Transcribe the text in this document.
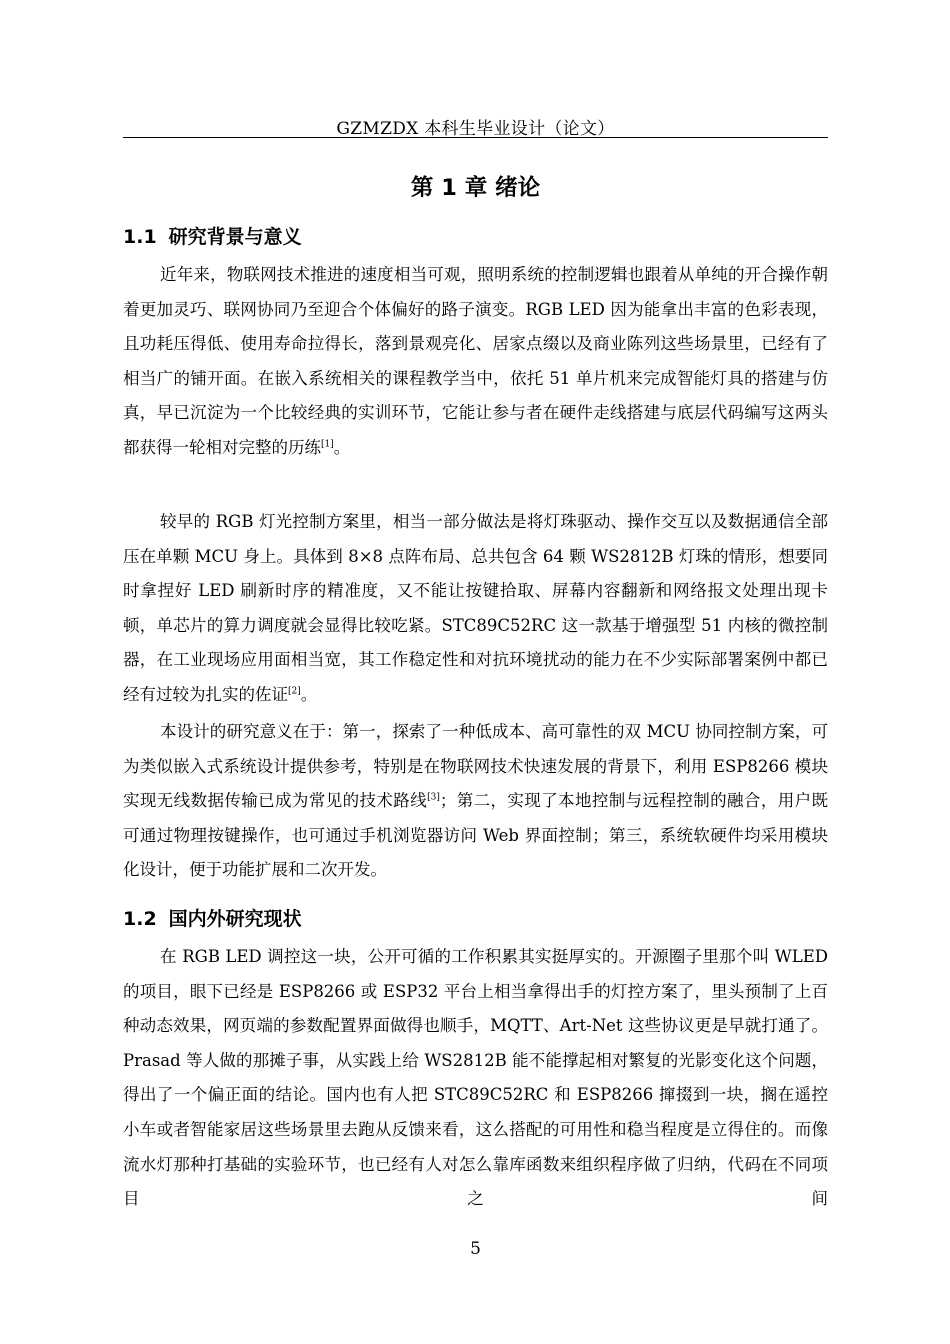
GZMZDX 本科生毕业设计（论文）
第 1 章 绪论
1.1 研究背景与意义

近年来，物联网技术推进的速度相当可观，照明系统的控制逻辑也跟着从单纯的开合操作朝着更加灵巧、联网协同乃至迎合个体偏好的路子演变。RGB LED 因为能拿出丰富的色彩表现，且功耗压得低、使用寿命拉得长，落到景观亮化、居家点缀以及商业陈列这些场景里，已经有了相当广的铺开面。在嵌入系统相关的课程教学当中，依托 51 单片机来完成智能灯具的搭建与仿真，早已沉淀为一个比较经典的实训环节，它能让参与者在硬件走线搭建与底层代码编写这两头都获得一轮相对完整的历练[1]。

较早的 RGB 灯光控制方案里，相当一部分做法是将灯珠驱动、操作交互以及数据通信全部压在单颗 MCU 身上。具体到 8×8 点阵布局、总共包含 64 颗 WS2812B 灯珠的情形，想要同时拿捏好 LED 刷新时序的精准度，又不能让按键拾取、屏幕内容翻新和网络报文处理出现卡顿，单芯片的算力调度就会显得比较吃紧。STC89C52RC 这一款基于增强型 51 内核的微控制器，在工业现场应用面相当宽，其工作稳定性和对抗环境扰动的能力在不少实际部署案例中都已经有过较为扎实的佐证[2]。

本设计的研究意义在于：第一，探索了一种低成本、高可靠性的双 MCU 协同控制方案，可为类似嵌入式系统设计提供参考，特别是在物联网技术快速发展的背景下，利用 ESP8266 模块实现无线数据传输已成为常见的技术路线[3]；第二，实现了本地控制与远程控制的融合，用户既可通过物理按键操作，也可通过手机浏览器访问 Web 界面控制；第三，系统软硬件均采用模块化设计，便于功能扩展和二次开发。

1.2 国内外研究现状

在 RGB LED 调控这一块，公开可循的工作积累其实挺厚实的。开源圈子里那个叫 WLED 的项目，眼下已经是 ESP8266 或 ESP32 平台上相当拿得出手的灯控方案了，里头预制了上百种动态效果，网页端的参数配置界面做得也顺手，MQTT、Art-Net 这些协议更是早就打通了。Prasad 等人做的那摊子事，从实践上给 WS2812B 能不能撑起相对繁复的光影变化这个问题，得出了一个偏正面的结论。国内也有人把 STC89C52RC 和 ESP8266 撺掇到一块，搁在遥控小车或者智能家居这些场景里去跑从反馈来看，这么搭配的可用性和稳当程度是立得住的。而像流水灯那种打基础的实验环节，也已经有人对怎么靠库函数来组织程序做了归纳，代码在不同项目之间

5
